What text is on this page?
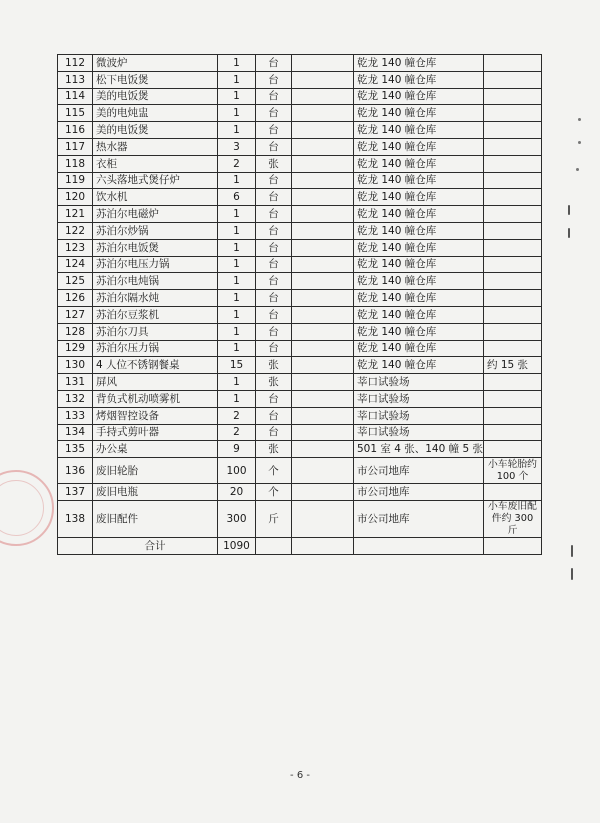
112	微波炉	1	台		乾龙 140 幢仓库	
113	松下电饭煲	1	台		乾龙 140 幢仓库	
114	美的电饭煲	1	台		乾龙 140 幢仓库	
115	美的电炖盅	1	台		乾龙 140 幢仓库	
116	美的电饭煲	1	台		乾龙 140 幢仓库	
117	热水器	3	台		乾龙 140 幢仓库	
118	衣柜	2	张		乾龙 140 幢仓库	
119	六头落地式煲仔炉	1	台		乾龙 140 幢仓库	
120	饮水机	6	台		乾龙 140 幢仓库	
121	苏泊尔电磁炉	1	台		乾龙 140 幢仓库	
122	苏泊尔炒锅	1	台		乾龙 140 幢仓库	
123	苏泊尔电饭煲	1	台		乾龙 140 幢仓库	
124	苏泊尔电压力锅	1	台		乾龙 140 幢仓库	
125	苏泊尔电炖锅	1	台		乾龙 140 幢仓库	
126	苏泊尔隔水炖	1	台		乾龙 140 幢仓库	
127	苏泊尔豆浆机	1	台		乾龙 140 幢仓库	
128	苏泊尔刀具	1	台		乾龙 140 幢仓库	
129	苏泊尔压力锅	1	台		乾龙 140 幢仓库	
130	4 人位不锈钢餐桌	15	张		乾龙 140 幢仓库	约 15 张
131	屏风	1	张		莘口试验场	
132	背负式机动喷雾机	1	台		莘口试验场	
133	烤烟智控设备	2	台		莘口试验场	
134	手持式剪叶器	2	台		莘口试验场	
135	办公桌	9	张		501 室 4 张、140 幢 5 张	
136	废旧轮胎	100	个		市公司地库	小车轮胎约 100 个
137	废旧电瓶	20	个		市公司地库	
138	废旧配件	300	斤		市公司地库	小车废旧配件约 300 斤
	合计	1090				
- 6 -
